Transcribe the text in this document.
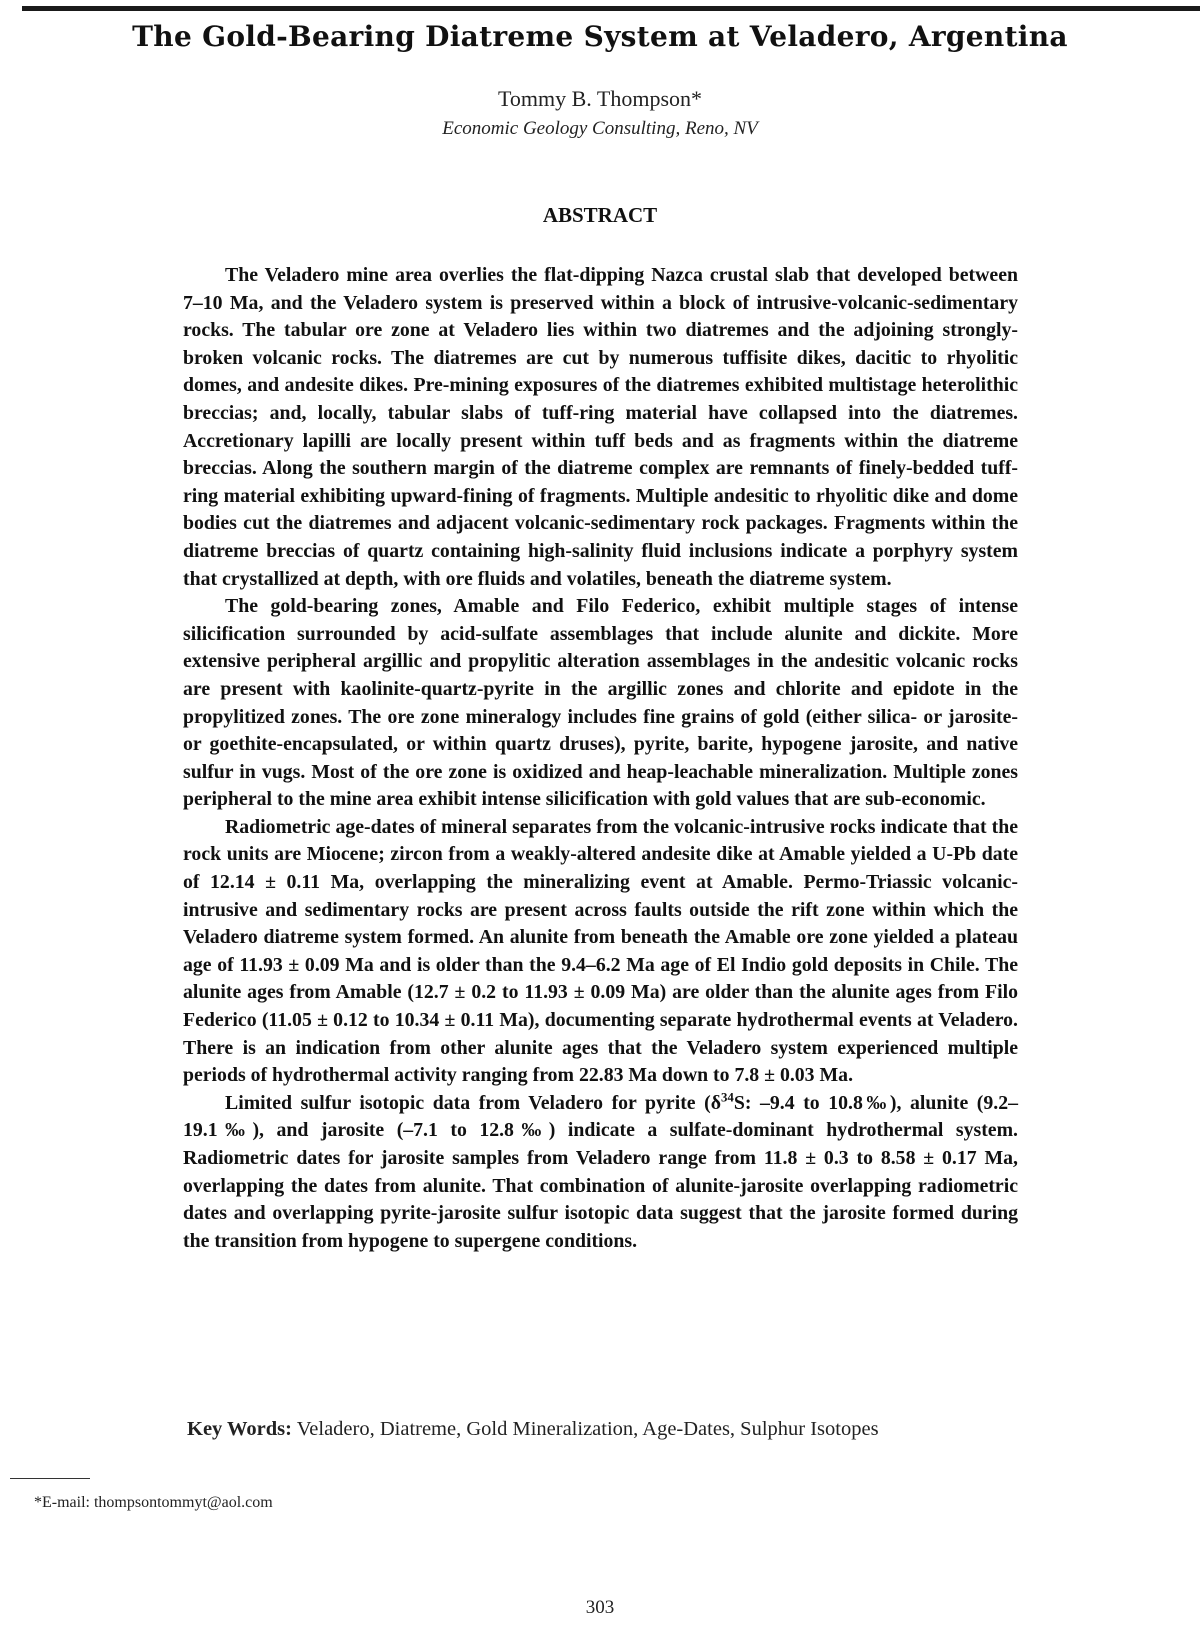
The Gold-Bearing Diatreme System at Veladero, Argentina

Tommy B. Thompson*

Economic Geology Consulting, Reno, NV

ABSTRACT

The Veladero mine area overlies the flat-dipping Nazca crustal slab that developed between 7–10 Ma, and the Veladero system is preserved within a block of intrusive-volcanic-sedimentary rocks. The tabular ore zone at Veladero lies within two diatremes and the adjoining strongly-broken volcanic rocks. The diatremes are cut by numerous tuffisite dikes, dacitic to rhyolitic domes, and andesite dikes. Pre-mining exposures of the diatremes exhibited multistage heterolithic breccias; and, locally, tabular slabs of tuff-ring material have collapsed into the diatremes. Accretionary lapilli are locally present within tuff beds and as fragments within the diatreme breccias. Along the southern margin of the diatreme complex are remnants of finely-bedded tuff-ring material exhibiting upward-fining of fragments. Multiple andesitic to rhyolitic dike and dome bodies cut the diatremes and adjacent volcanic-sedimentary rock packages. Fragments within the diatreme breccias of quartz containing high-salinity fluid inclusions indicate a porphyry system that crystallized at depth, with ore fluids and volatiles, beneath the diatreme system.

The gold-bearing zones, Amable and Filo Federico, exhibit multiple stages of intense silicification surrounded by acid-sulfate assemblages that include alunite and dickite. More extensive peripheral argillic and propylitic alteration assemblages in the andesitic volcanic rocks are present with kaolinite-quartz-pyrite in the argillic zones and chlorite and epidote in the propylitized zones. The ore zone mineralogy includes fine grains of gold (either silica- or jarosite- or goethite-encapsulated, or within quartz druses), pyrite, barite, hypogene jarosite, and native sulfur in vugs. Most of the ore zone is oxidized and heap-leachable mineralization. Multiple zones peripheral to the mine area exhibit intense silicification with gold values that are sub-economic.

Radiometric age-dates of mineral separates from the volcanic-intrusive rocks indicate that the rock units are Miocene; zircon from a weakly-altered andesite dike at Amable yielded a U-Pb date of 12.14 ± 0.11 Ma, overlapping the mineralizing event at Amable. Permo-Triassic volcanic-intrusive and sedimentary rocks are present across faults outside the rift zone within which the Veladero diatreme system formed. An alunite from beneath the Amable ore zone yielded a plateau age of 11.93 ± 0.09 Ma and is older than the 9.4–6.2 Ma age of El Indio gold deposits in Chile. The alunite ages from Amable (12.7 ± 0.2 to 11.93 ± 0.09 Ma) are older than the alunite ages from Filo Federico (11.05 ± 0.12 to 10.34 ± 0.11 Ma), documenting separate hydrothermal events at Veladero. There is an indication from other alunite ages that the Veladero system experienced multiple periods of hydrothermal activity ranging from 22.83 Ma down to 7.8 ± 0.03 Ma.

Limited sulfur isotopic data from Veladero for pyrite ($\delta^{34}S$: –9.4 to 10.8‰), alunite (9.2–19.1‰), and jarosite (–7.1 to 12.8‰) indicate a sulfate-dominant hydrothermal system. Radiometric dates for jarosite samples from Veladero range from 11.8 ± 0.3 to 8.58 ± 0.17 Ma, overlapping the dates from alunite. That combination of alunite-jarosite overlapping radiometric dates and overlapping pyrite-jarosite sulfur isotopic data suggest that the jarosite formed during the transition from hypogene to supergene conditions.

Key Words: Veladero, Diatreme, Gold Mineralization, Age-Dates, Sulphur Isotopes
*E-mail: thompsontommyt@aol.com
303
